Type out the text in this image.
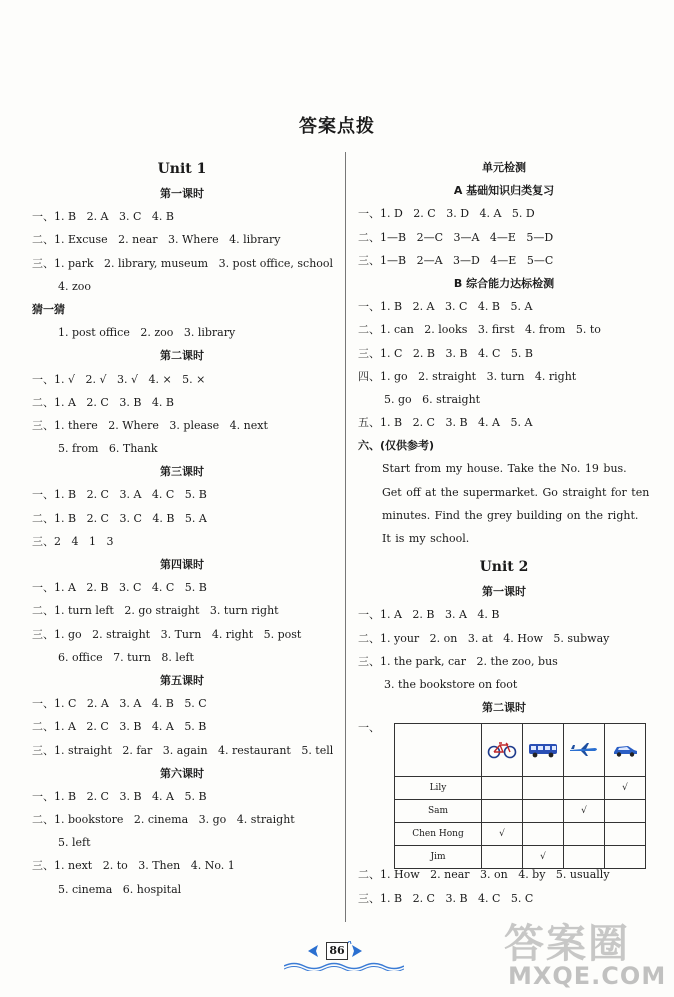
答案点拨
Unit 1
第一课时
一、1. B   2. A   3. C   4. B
二、1. Excuse   2. near   3. Where   4. library
三、1. park   2. library, museum   3. post office, school
4. zoo
猜一猜
1. post office   2. zoo   3. library
第二课时
一、1. √   2. √   3. √   4. ×   5. ×
二、1. A   2. C   3. B   4. B
三、1. there   2. Where   3. please   4. next
5. from   6. Thank
第三课时
一、1. B   2. C   3. A   4. C   5. B
二、1. B   2. C   3. C   4. B   5. A
三、2   4   1   3
第四课时
一、1. A   2. B   3. C   4. C   5. B
二、1. turn left   2. go straight   3. turn right
三、1. go   2. straight   3. Turn   4. right   5. post
6. office   7. turn   8. left
第五课时
一、1. C   2. A   3. A   4. B   5. C
二、1. A   2. C   3. B   4. A   5. B
三、1. straight   2. far   3. again   4. restaurant   5. tell
第六课时
一、1. B   2. C   3. B   4. A   5. B
二、1. bookstore   2. cinema   3. go   4. straight
5. left
三、1. next   2. to   3. Then   4. No. 1
5. cinema   6. hospital
单元检测
A 基础知识归类复习
一、1. D   2. C   3. D   4. A   5. D
二、1—B   2—C   3—A   4—E   5—D
三、1—B   2—A   3—D   4—E   5—C
B 综合能力达标检测
一、1. B   2. A   3. C   4. B   5. A
二、1. can   2. looks   3. first   4. from   5. to
三、1. C   2. B   3. B   4. C   5. B
四、1. go   2. straight   3. turn   4. right
5. go   6. straight
五、1. B   2. C   3. B   4. A   5. A
六、(仅供参考)
Start from my house. Take the No. 19 bus. Get off at the supermarket. Go straight for ten minutes. Find the grey building on the right. It is my school.
Unit 2
第一课时
一、1. A   2. B   3. A   4. B
二、1. your   2. on   3. at   4. How   5. subway
三、1. the park, car   2. the zoo, bus
3. the bookstore on foot
第二课时
一、

Lily				√
Sam			√	
Chen Hong	√			
Jim		√		
二、1. How   2. near   3. on   4. by   5. usually
三、1. B   2. C   3. B   4. C   5. C
86	答案圈
MXQE.COM
